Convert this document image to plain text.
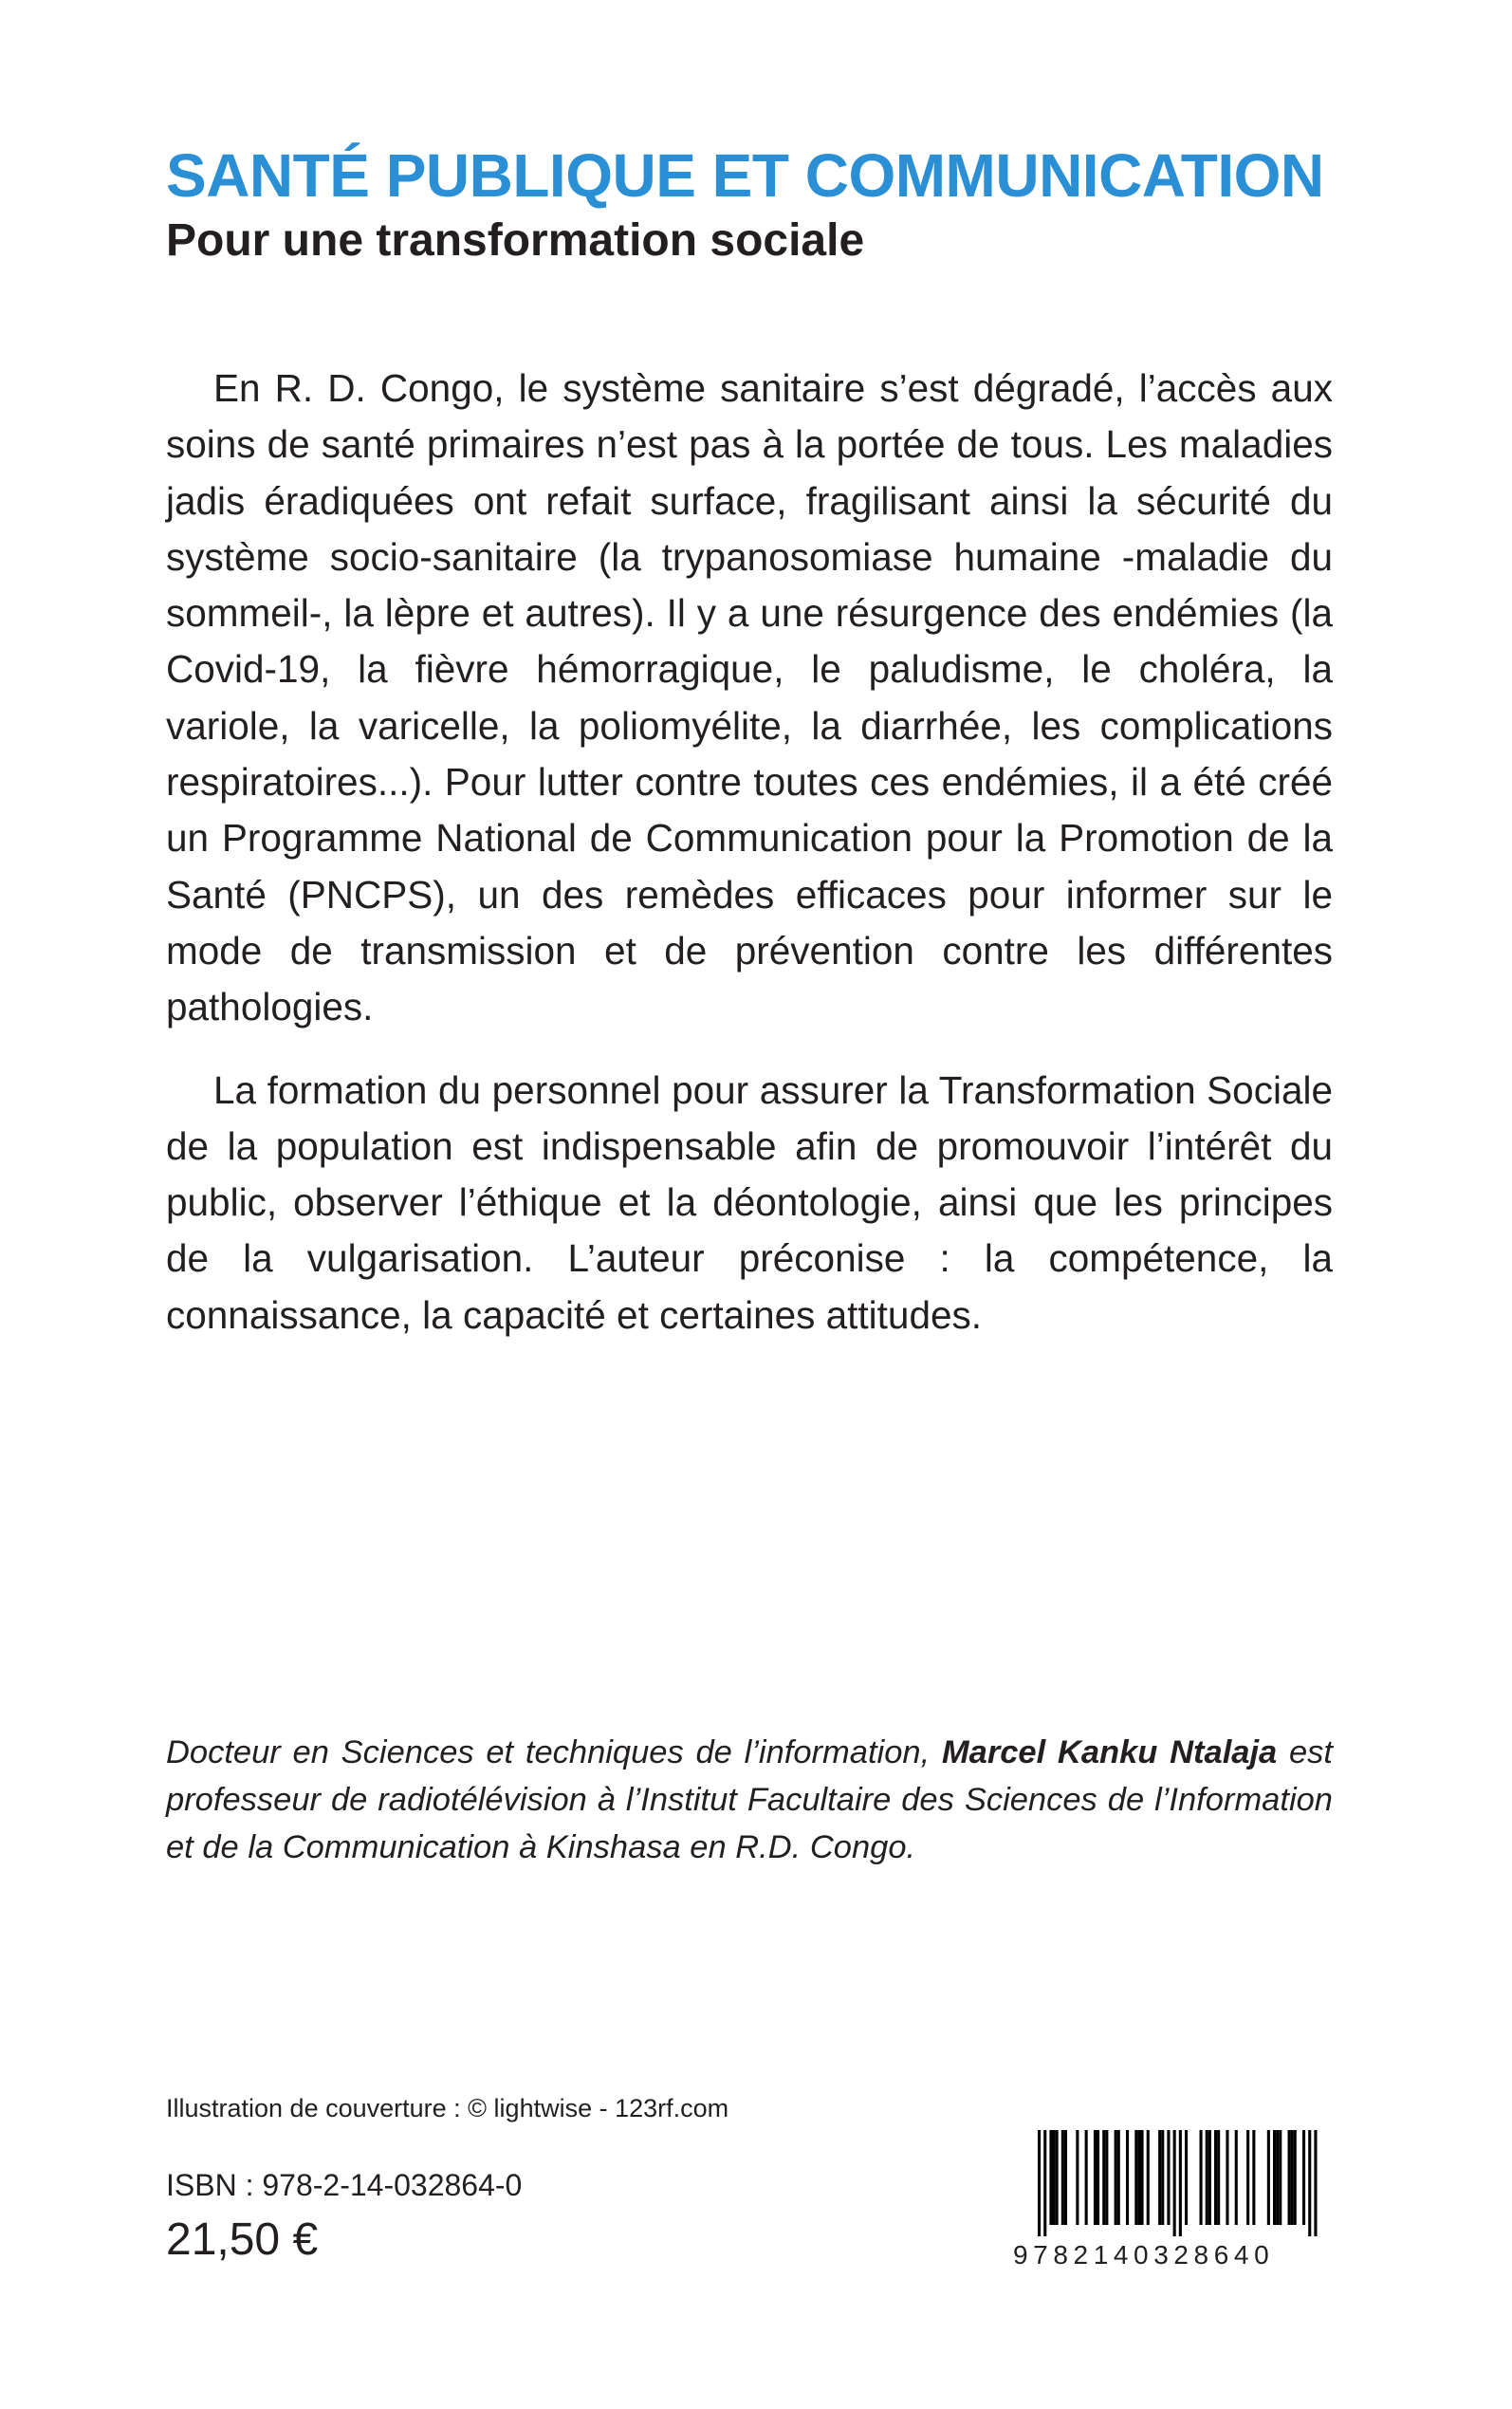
SANTÉ PUBLIQUE ET COMMUNICATION
Pour une transformation sociale

En R. D. Congo, le système sanitaire s’est dégradé, l’accès aux soins de santé primaires n’est pas à la portée de tous. Les maladies jadis éradiquées ont refait surface, fragilisant ainsi la sécurité du système socio-sanitaire (la trypanosomiase humaine -maladie du sommeil-, la lèpre et autres). Il y a une résurgence des endémies (la Covid-19, la fièvre hémorragique, le paludisme, le choléra, la variole, la varicelle, la poliomyélite, la diarrhée, les complications respiratoires...). Pour lutter contre toutes ces endémies, il a été créé un Programme National de Communication pour la Promotion de la Santé (PNCPS), un des remèdes efficaces pour informer sur le mode de transmission et de prévention contre les différentes pathologies.

La formation du personnel pour assurer la Transformation Sociale de la population est indispensable afin de promouvoir l’intérêt du public, observer l’éthique et la déontologie, ainsi que les principes de la vulgarisation. L’auteur préconise : la compétence, la connaissance, la capacité et certaines attitudes.

Docteur en Sciences et techniques de l’information, Marcel Kanku Ntalaja est professeur de radiotélévision à l’Institut Facultaire des Sciences de l’Information et de la Communication à Kinshasa en R.D. Congo.

Illustration de couverture : © lightwise - 123rf.com

ISBN : 978-2-14-032864-0

21,50 €	9782140328640
